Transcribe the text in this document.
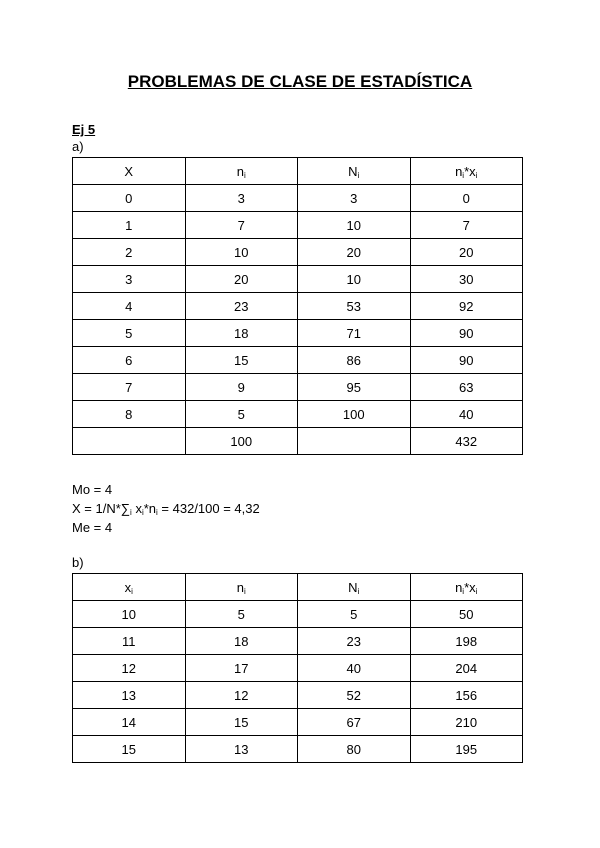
PROBLEMAS DE CLASE DE ESTADÍSTICA
Ej 5
a)
X	$n_i$	$N_i$	$n_i*x_i$
0	3	3	0
1	7	10	7
2	10	20	20
3	20	10	30
4	23	53	92
5	18	71	90
6	15	86	90
7	9	95	63
8	5	100	40
	100		432
Mo = 4
$X = 1/N*\sum_i$ $x_i*n_i = 432/100 = 4,32$
Me = 4
b)
$x_i$	$n_i$	$N_i$	$n_i*x_i$
10	5	5	50
11	18	23	198
12	17	40	204
13	12	52	156
14	15	67	210
15	13	80	195
